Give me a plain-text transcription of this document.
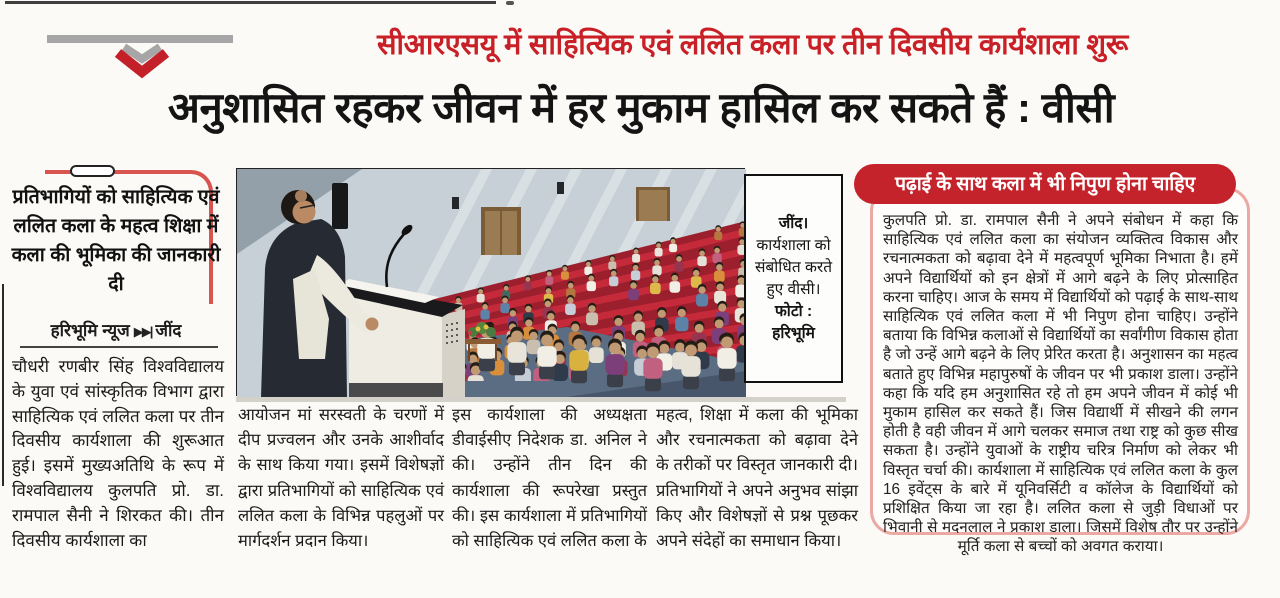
सीआरएसयू में साहित्यिक एवं ललित कला पर तीन दिवसीय कार्यशाला शुरू
अनुशासित रहकर जीवन में हर मुकाम हासिल कर सकते हैं : वीसी
प्रतिभागियों को साहित्यिक एवं ललित कला के महत्व शिक्षा में कला की भूमिका की जानकारी दी
हरिभूमि न्यूज ▶▶| जींद

चौधरी रणबीर सिंह विश्वविद्यालय के युवा एवं सांस्कृतिक विभाग द्वारा साहित्यिक एवं ललित कला पर तीन दिवसीय कार्यशाला की शुरूआत हुई। इसमें मुख्यअतिथि के रूप में विश्वविद्यालय कुलपति प्रो. डा. रामपाल सैनी ने शिरकत की। तीन दिवसीय कार्यशाला का

जींद। कार्यशाला को संबोधित करते हुए वीसी।
फोटो : हरिभूमि

आयोजन मां सरस्वती के चरणों में दीप प्रज्वलन और उनके आशीर्वाद के साथ किया गया। इसमें विशेषज्ञों द्वारा प्रतिभागियों को साहित्यिक एवं ललित कला के विभिन्न पहलुओं पर मार्गदर्शन प्रदान किया।

इस कार्यशाला की अध्यक्षता डीवाईसीए निदेशक डा. अनिल ने की। उन्होंने तीन दिन की कार्यशाला की रूपरेखा प्रस्तुत की। इस कार्यशाला में प्रतिभागियों को साहित्यिक एवं ललित कला के

महत्व, शिक्षा में कला की भूमिका और रचनात्मकता को बढ़ावा देने के तरीकों पर विस्तृत जानकारी दी। प्रतिभागियों ने अपने अनुभव सांझा किए और विशेषज्ञों से प्रश्न पूछकर अपने संदेहों का समाधान किया।

पढ़ाई के साथ कला में भी निपुण होना चाहिए
कुलपति प्रो. डा. रामपाल सैनी ने अपने संबोधन में कहा कि साहित्यिक एवं ललित कला का संयोजन व्यक्तित्व विकास और रचनात्मकता को बढ़ावा देने में महत्वपूर्ण भूमिका निभाता है। हमें अपने विद्यार्थियों को इन क्षेत्रों में आगे बढ़ने के लिए प्रोत्साहित करना चाहिए। आज के समय में विद्यार्थियों को पढ़ाई के साथ-साथ साहित्यिक एवं ललित कला में भी निपुण होना चाहिए। उन्होंने बताया कि विभिन्न कलाओं से विद्यार्थियों का सर्वांगीण विकास होता है जो उन्हें आगे बढ़ने के लिए प्रेरित करता है। अनुशासन का महत्व बताते हुए विभिन्न महापुरुषों के जीवन पर भी प्रकाश डाला। उन्होंने कहा कि यदि हम अनुशासित रहे तो हम अपने जीवन में कोई भी मुकाम हासिल कर सकते हैं। जिस विद्यार्थी में सीखने की लगन होती है वही जीवन में आगे चलकर समाज तथा राष्ट्र को कुछ सीख सकता है। उन्होंने युवाओं के राष्ट्रीय चरित्र निर्माण को लेकर भी विस्तृत चर्चा की। कार्यशाला में साहित्यिक एवं ललित कला के कुल 16 इवेंट्स के बारे में यूनिवर्सिटी व कॉलेज के विद्यार्थियों को प्रशिक्षित किया जा रहा है। ललित कला से जुड़ी विधाओं पर भिवानी से मदनलाल ने प्रकाश डाला। जिसमें विशेष तौर पर उन्होंने मूर्ति कला से बच्चों को अवगत कराया।
